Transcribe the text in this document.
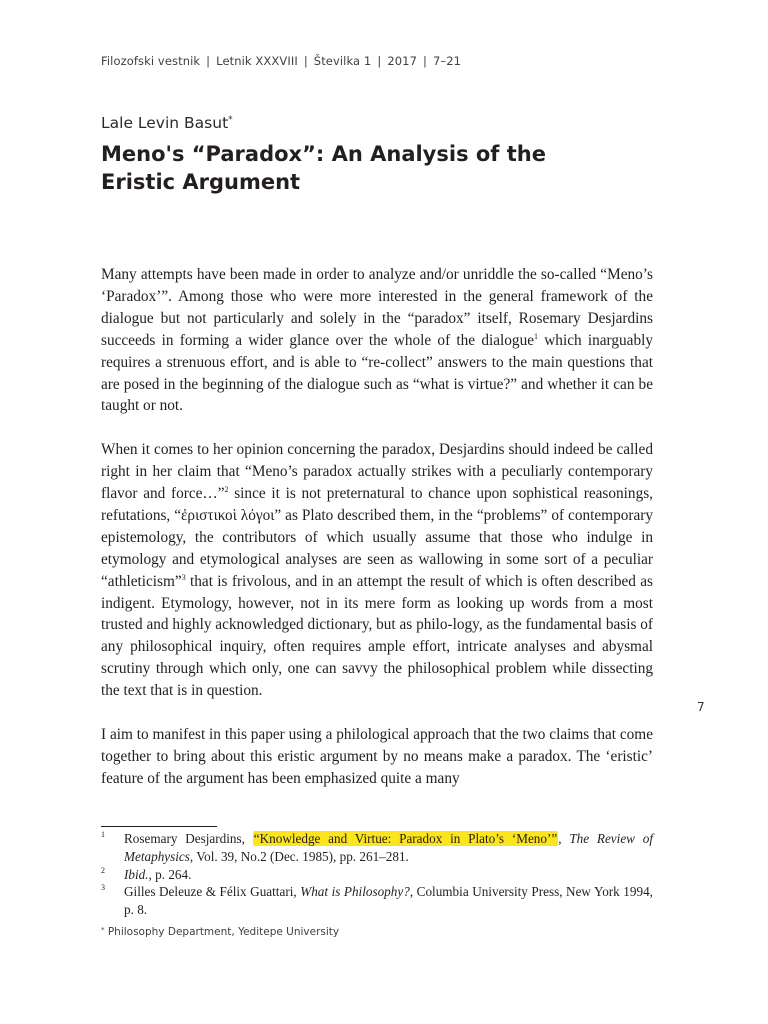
Filozofski vestnik | Letnik XXXVIII | Številka 1 | 2017 | 7–21
Lale Levin Basut*
Meno's “Paradox”: An Analysis of the
Eristic Argument

Many attempts have been made in order to analyze and/or unriddle the so-called “Meno’s ‘Paradox’”. Among those who were more interested in the general framework of the dialogue but not particularly and solely in the “paradox” itself, Rosemary Desjardins succeeds in forming a wider glance over the whole of the dialogue$^1$ which inarguably requires a strenuous effort, and is able to “re-collect” answers to the main questions that are posed in the beginning of the dialogue such as “what is virtue?” and whether it can be taught or not.

When it comes to her opinion concerning the paradox, Desjardins should indeed be called right in her claim that “Meno’s paradox actually strikes with a peculiarly contemporary flavor and force…”$^2$ since it is not preternatural to chance upon sophistical reasonings, refutations, “ἐριστικοὶ λόγοι” as Plato described them, in the “problems” of contemporary epistemology, the contributors of which usually assume that those who indulge in etymology and etymological analyses are seen as wallowing in some sort of a peculiar “athleticism”$^3$ that is frivolous, and in an attempt the result of which is often described as indigent. Etymology, however, not in its mere form as looking up words from a most trusted and highly acknowledged dictionary, but as philo-logy, as the fundamental basis of any philosophical inquiry, often requires ample effort, intricate analyses and abysmal scrutiny through which only, one can savvy the philosophical problem while dissecting the text that is in question.

I aim to manifest in this paper using a philological approach that the two claims that come together to bring about this eristic argument by no means make a paradox. The ‘eristic’ feature of the argument has been emphasized quite a many

7
1	Rosemary Desjardins, “Knowledge and Virtue: Paradox in Plato’s ‘Meno’”, The Review of Metaphysics, Vol. 39, No.2 (Dec. 1985), pp. 261–281.
2	Ibid., p. 264.
3	Gilles Deleuze & Félix Guattari, What is Philosophy?, Columbia University Press, New York 1994, p. 8.
* Philosophy Department, Yeditepe University
